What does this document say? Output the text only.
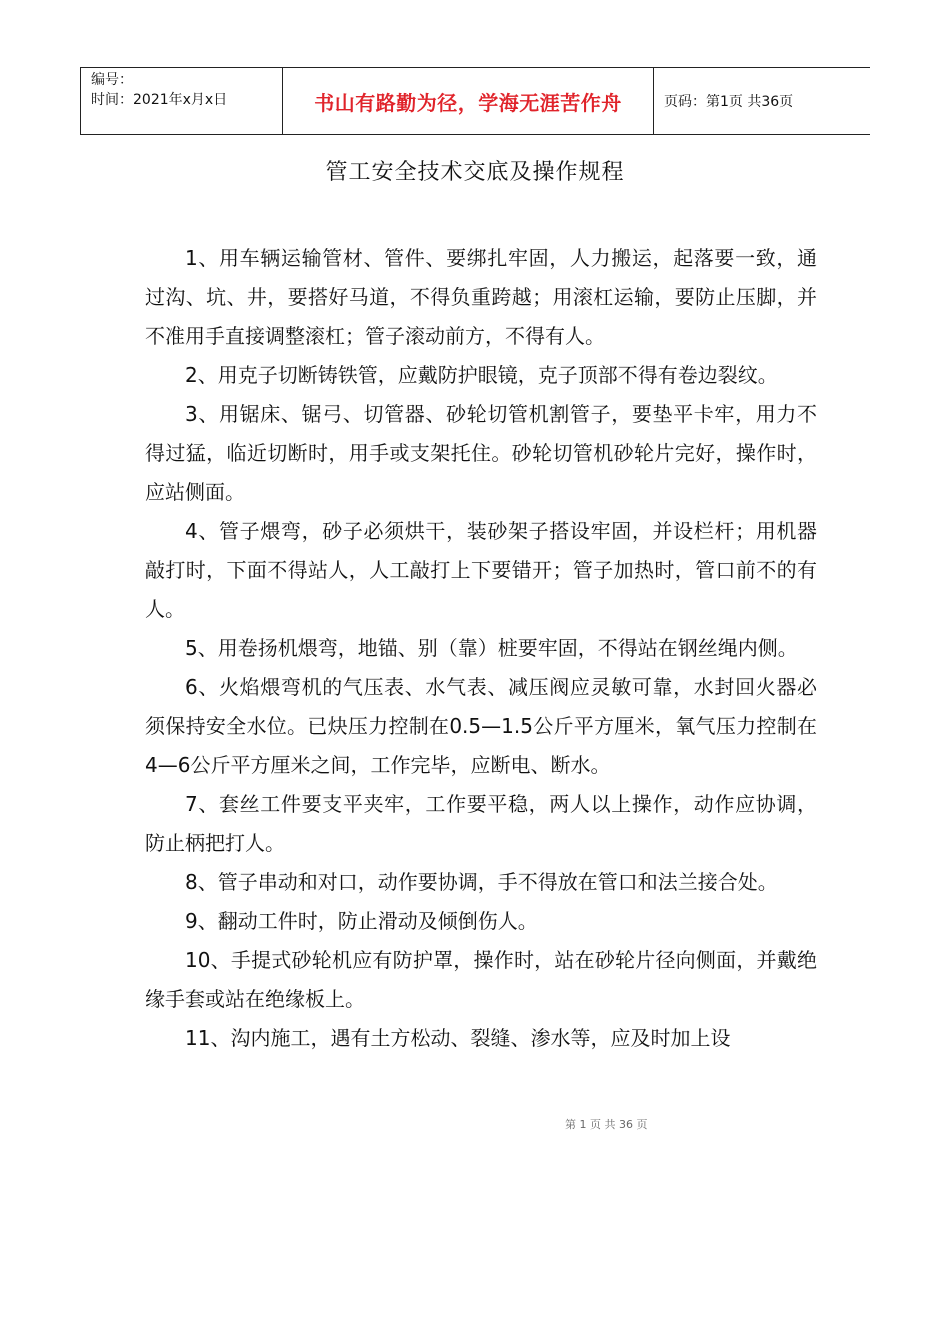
编号：
时间：2021年x月x日	书山有路勤为径，学海无涯苦作舟	页码：第1页 共36页
管工安全技术交底及操作规程

1、用车辆运输管材、管件、要绑扎牢固，人力搬运，起落要一致，通过沟、坑、井，要搭好马道，不得负重跨越；用滚杠运输，要防止压脚，并不准用手直接调整滚杠；管子滚动前方，不得有人。

2、用克子切断铸铁管，应戴防护眼镜，克子顶部不得有卷边裂纹。

3、用锯床、锯弓、切管器、砂轮切管机割管子，要垫平卡牢，用力不得过猛，临近切断时，用手或支架托住。砂轮切管机砂轮片完好，操作时，应站侧面。

4、管子煨弯，砂子必须烘干，装砂架子搭设牢固，并设栏杆；用机器敲打时，下面不得站人，人工敲打上下要错开；管子加热时，管口前不的有人。

5、用卷扬机煨弯，地锚、别（靠）桩要牢固，不得站在钢丝绳内侧。

6、火焰煨弯机的气压表、水气表、减压阀应灵敏可靠，水封回火器必须保持安全水位。已炔压力控制在0.5—1.5公斤平方厘米，氧气压力控制在4—6公斤平方厘米之间，工作完毕，应断电、断水。

7、套丝工件要支平夹牢，工作要平稳，两人以上操作，动作应协调，防止柄把打人。

8、管子串动和对口，动作要协调，手不得放在管口和法兰接合处。

9、翻动工件时，防止滑动及倾倒伤人。

10、手提式砂轮机应有防护罩，操作时，站在砂轮片径向侧面，并戴绝缘手套或站在绝缘板上。

11、沟内施工，遇有土方松动、裂缝、渗水等，应及时加上设

第 1 页 共 36 页
